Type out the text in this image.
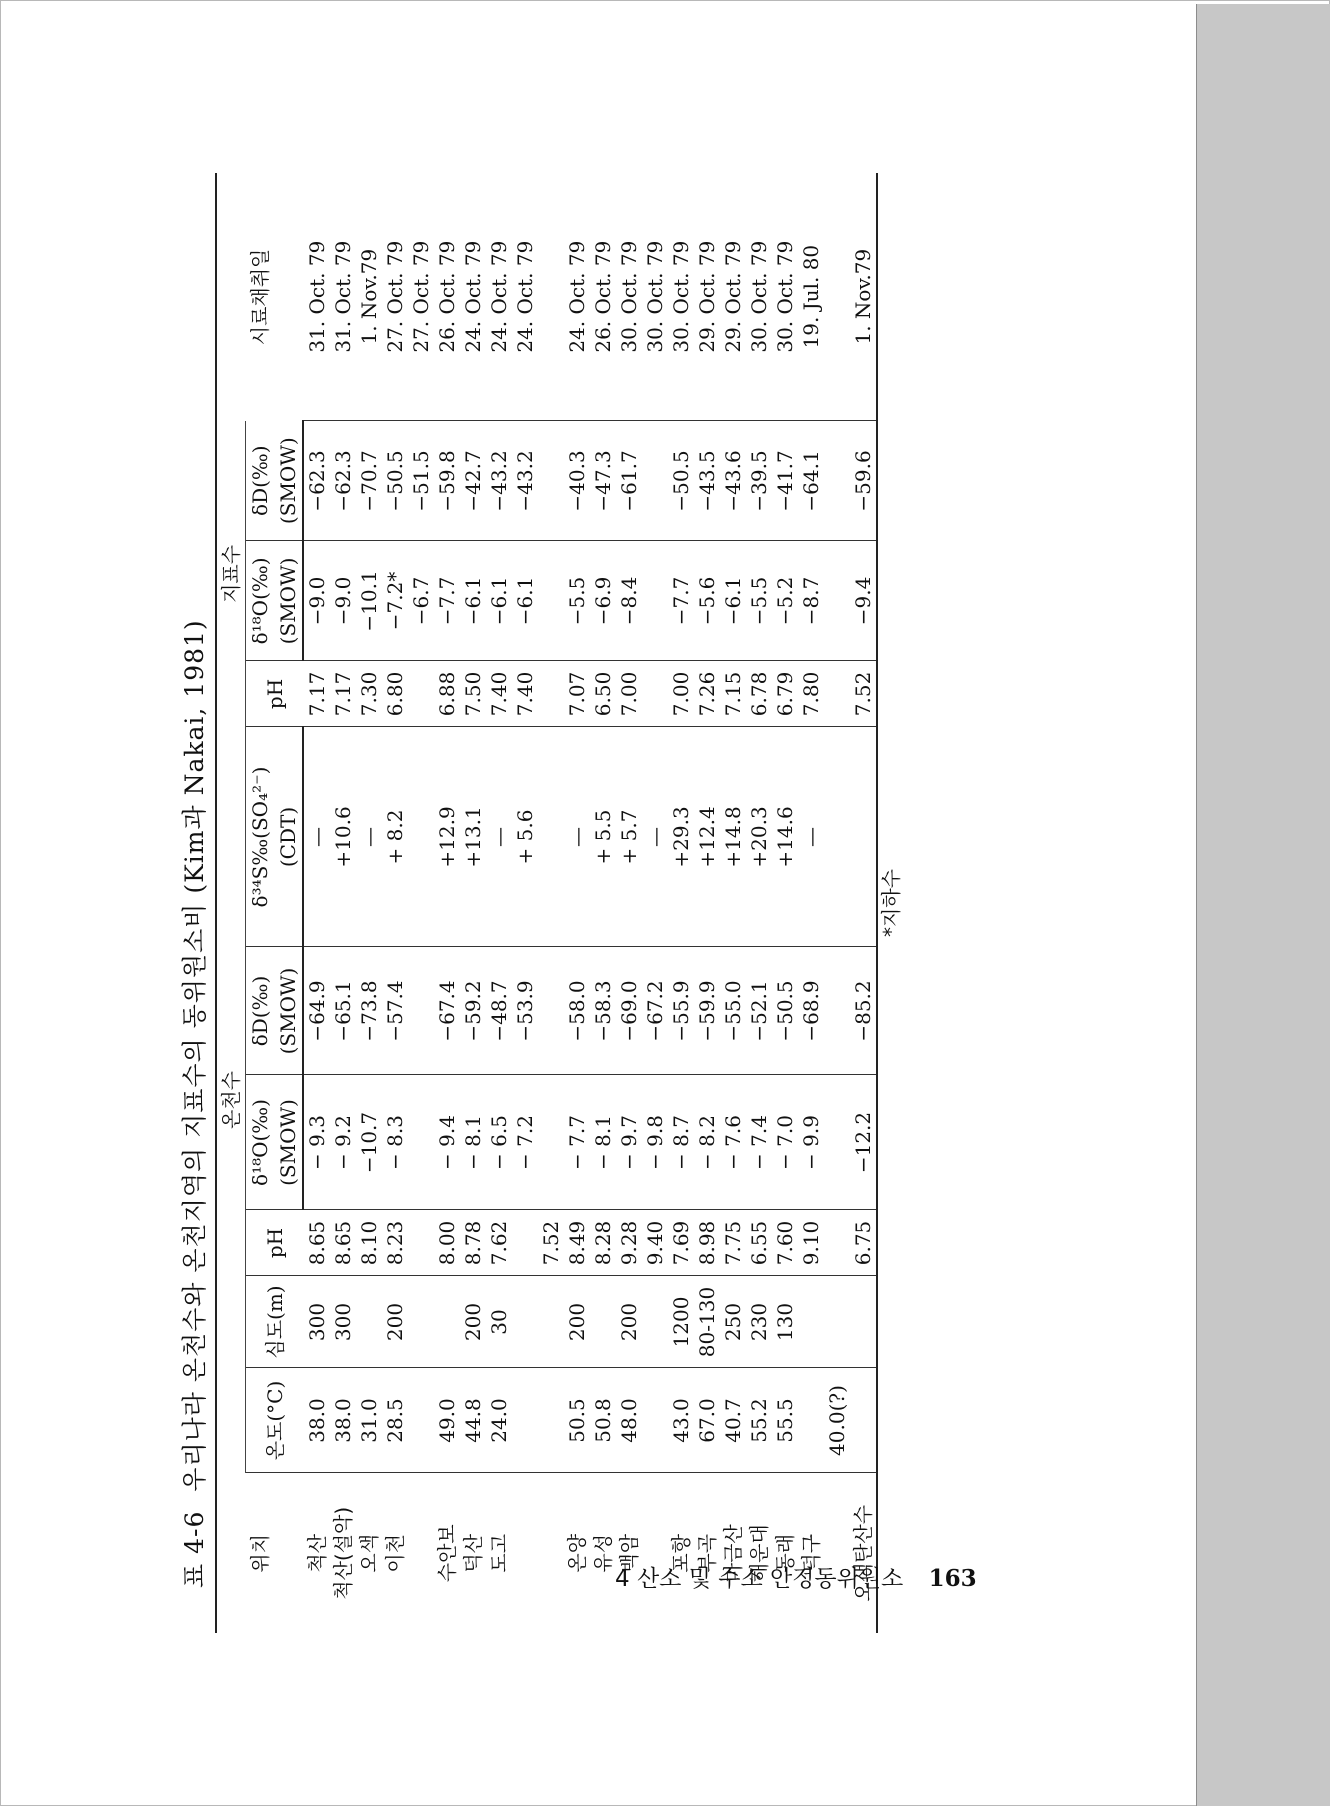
표 4-6 우리나라 온천수와 온천지역의 지표수의 동위원소비 (Kim과 Nakai, 1981)
위치	온천수						지표수			시료채취일	
	온도(°C)	심도(m)	pH	δ¹⁸O(‰)	δD(‰)	δ³⁴S‰(SO₄²⁻)	pH	δ¹⁸O(‰)	δD(‰)		
				(SMOW)	(SMOW)	(CDT)		(SMOW)	(SMOW)		
척산	38.0	300	8.65	− 9.3	−64.9	—	7.17	−9.0	−62.3	31. Oct. 79	
척산(설악)	38.0	300	8.65	− 9.2	−65.1	+10.6	7.17	−9.0	−62.3	31. Oct. 79	
오색	31.0		8.10	−10.7	−73.8	—	7.30	−10.1	−70.7	1. Nov.79	
이천	28.5	200	8.23	− 8.3	−57.4	+ 8.2	6.80	−7.2*	−50.5	27. Oct. 79	
								−6.7	−51.5	27. Oct. 79	
수안보	49.0		8.00	− 9.4	−67.4	+12.9	6.88	−7.7	−59.8	26. Oct. 79	
덕산	44.8	200	8.78	− 8.1	−59.2	+13.1	7.50	−6.1	−42.7	24. Oct. 79	
도고	24.0	30	7.62	− 6.5	−48.7	—	7.40	−6.1	−43.2	24. Oct. 79	
				− 7.2	−53.9	+ 5.6	7.40	−6.1	−43.2	24. Oct. 79	
			7.52								
온양	50.5	200	8.49	− 7.7	−58.0	—	7.07	−5.5	−40.3	24. Oct. 79	
유성	50.8		8.28	− 8.1	−58.3	+ 5.5	6.50	−6.9	−47.3	26. Oct. 79	
백암	48.0	200	9.28	− 9.7	−69.0	+ 5.7	7.00	−8.4	−61.7	30. Oct. 79	
			9.40	− 9.8	−67.2	—				30. Oct. 79	
포항	43.0	1200	7.69	− 8.7	−55.9	+29.3	7.00	−7.7	−50.5	30. Oct. 79	
부곡	67.0	80-130	8.98	− 8.2	−59.9	+12.4	7.26	−5.6	−43.5	29. Oct. 79	
마금산	40.7	250	7.75	− 7.6	−55.0	+14.8	7.15	−6.1	−43.6	29. Oct. 79	
해운대	55.2	230	6.55	− 7.4	−52.1	+20.3	6.78	−5.5	−39.5	30. Oct. 79	
동래	55.5	130	7.60	− 7.0	−50.5	+14.6	6.79	−5.2	−41.7	30. Oct. 79	
덕구			9.10	− 9.9	−68.9	—	7.80	−8.7	−64.1	19. Jul. 80	
	40.0(?)										
오색탄산수			6.75	−12.2	−85.2		7.52	−9.4	−59.6	1. Nov.79	
*지하수											
4 산소 및 수소 안정동위원소 163
